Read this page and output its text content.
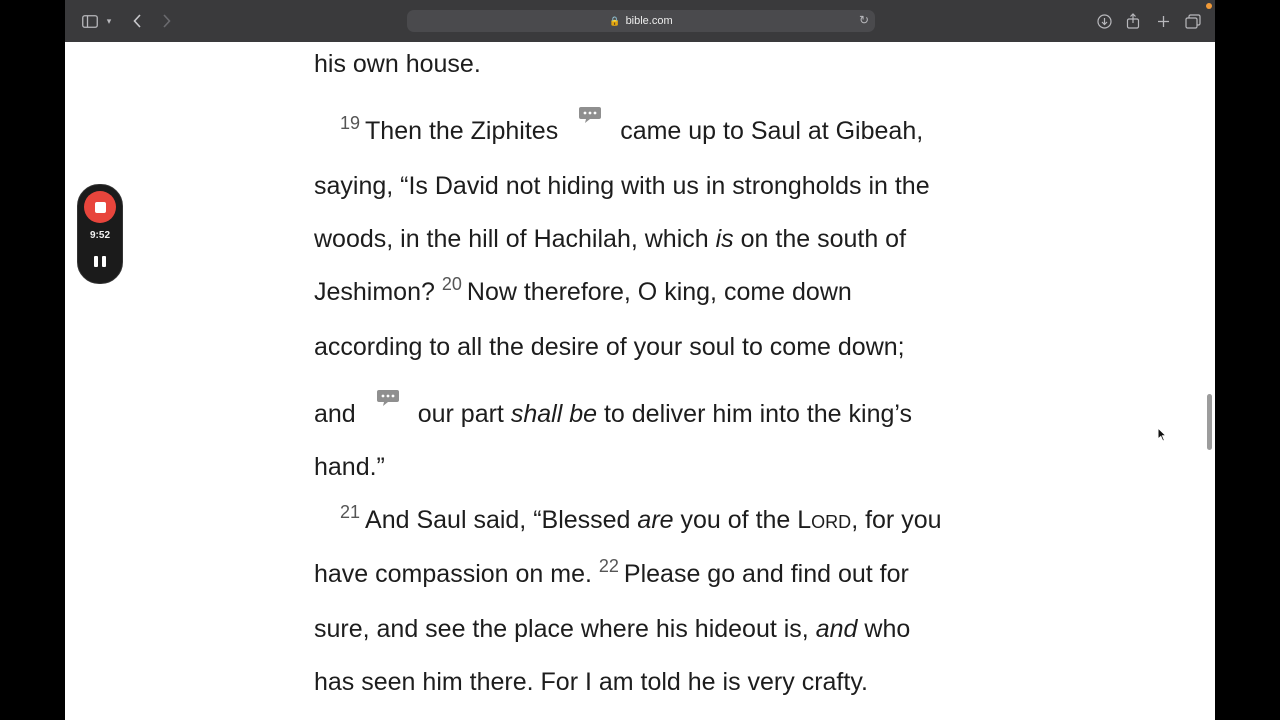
▾	🔒 bible.com	↻
his own house.
$^{19}$ Then the Ziphites came up to Saul at Gibeah,
saying, “Is David not hiding with us in strongholds in the
woods, in the hill of Hachilah, which is on the south of
Jeshimon? $^{20}$ Now therefore, O king, come down
according to all the desire of your soul to come down;
and our part shall be to deliver him into the king’s
hand.”
$^{21}$ And Saul said, “Blessed are you of the Lord, for you
have compassion on me. $^{22}$ Please go and find out for
sure, and see the place where his hideout is, and who
has seen him there. For I am told he is very crafty.
9:52
